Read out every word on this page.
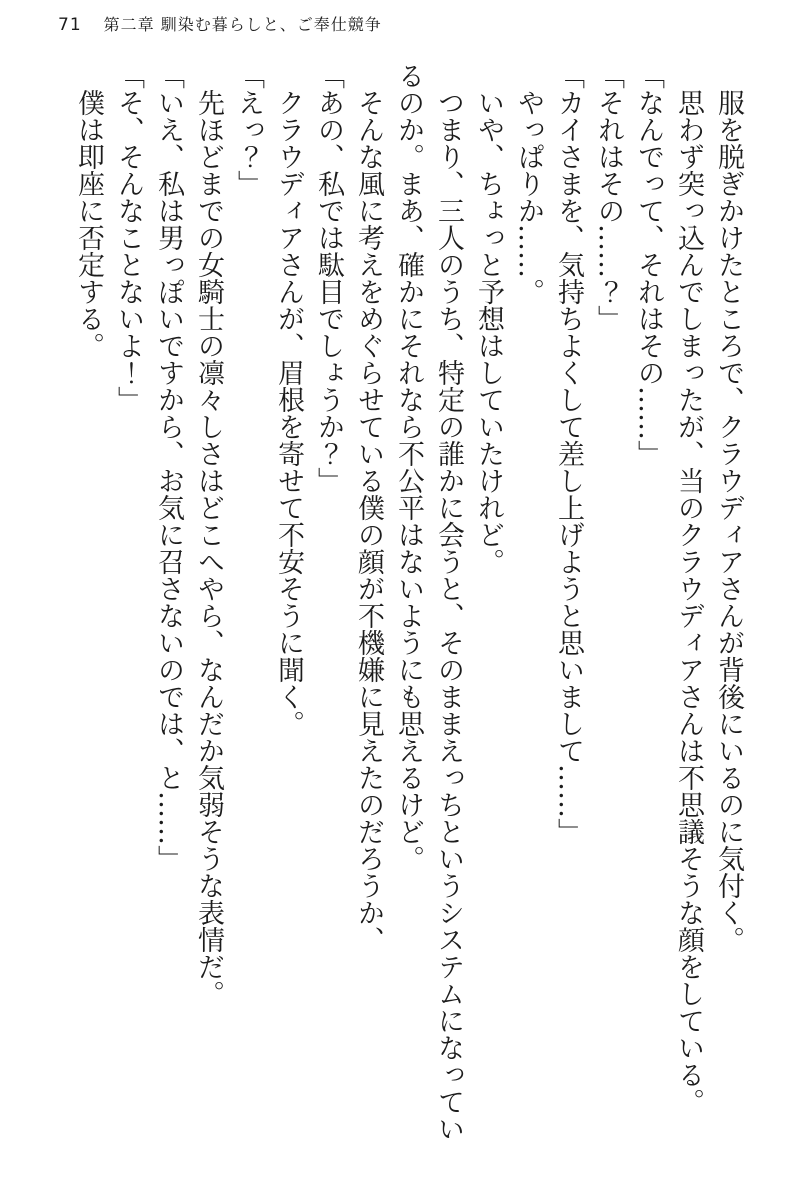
71 第二章 馴染む暮らしと、ご奉仕競争

服を脱ぎかけたところで、クラウディアさんが背後にいるのに気付く。

思わず突っ込んでしまったが、当のクラウディアさんは不思議そうな顔をしている。

「なんでって、それはその……」

「それはその……？」

「カイさまを、気持ちよくして差し上げようと思いまして……」

やっぱりか……。

いや、ちょっと予想はしていたけれど。

つまり、三人のうち、特定の誰かに会うと、そのままえっちというシステムになっているのか。まあ、確かにそれなら不公平はないようにも思えるけど。

そんな風に考えをめぐらせている僕の顔が不機嫌に見えたのだろうか、

「あの、私では駄目でしょうか？」

クラウディアさんが、眉根を寄せて不安そうに聞く。

「えっ？」

先ほどまでの女騎士の凛々しさはどこへやら、なんだか気弱そうな表情だ。

「いえ、私は男っぽいですから、お気に召さないのでは、と……」

「そ、そんなことないよ！」

僕は即座に否定する。
